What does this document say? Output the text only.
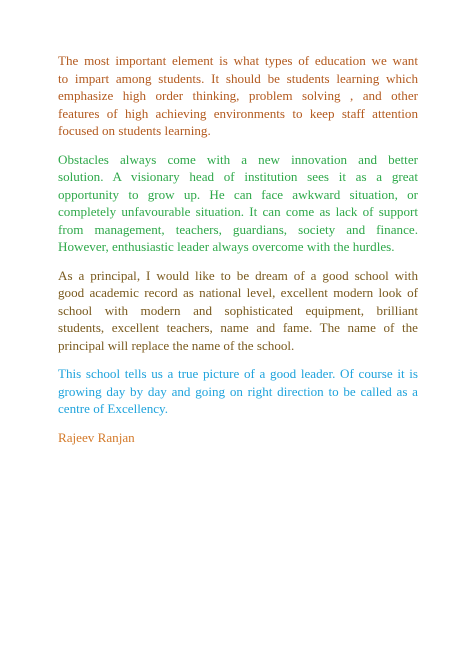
The most important element is what types of education we want
to impart among students. It should be students learning which
emphasize high order thinking, problem solving , and other
features of high achieving environments to keep staff attention
focused on students learning.

Obstacles always come with a new innovation and better
solution. A visionary head of institution sees it as a great
opportunity to grow up. He can face awkward situation, or
completely unfavourable situation. It can come as lack of support
from management, teachers, guardians, society and finance.
However, enthusiastic leader always overcome with the hurdles.

As a principal, I would like to be dream of a good school with
good academic record as national level, excellent modern look of
school with modern and sophisticated equipment, brilliant
students, excellent teachers, name and fame. The name of the
principal will replace the name of the school.

This school tells us a true picture of a good leader. Of course it is
growing day by day and going on right direction to be called as a
centre of Excellency.

Rajeev Ranjan
